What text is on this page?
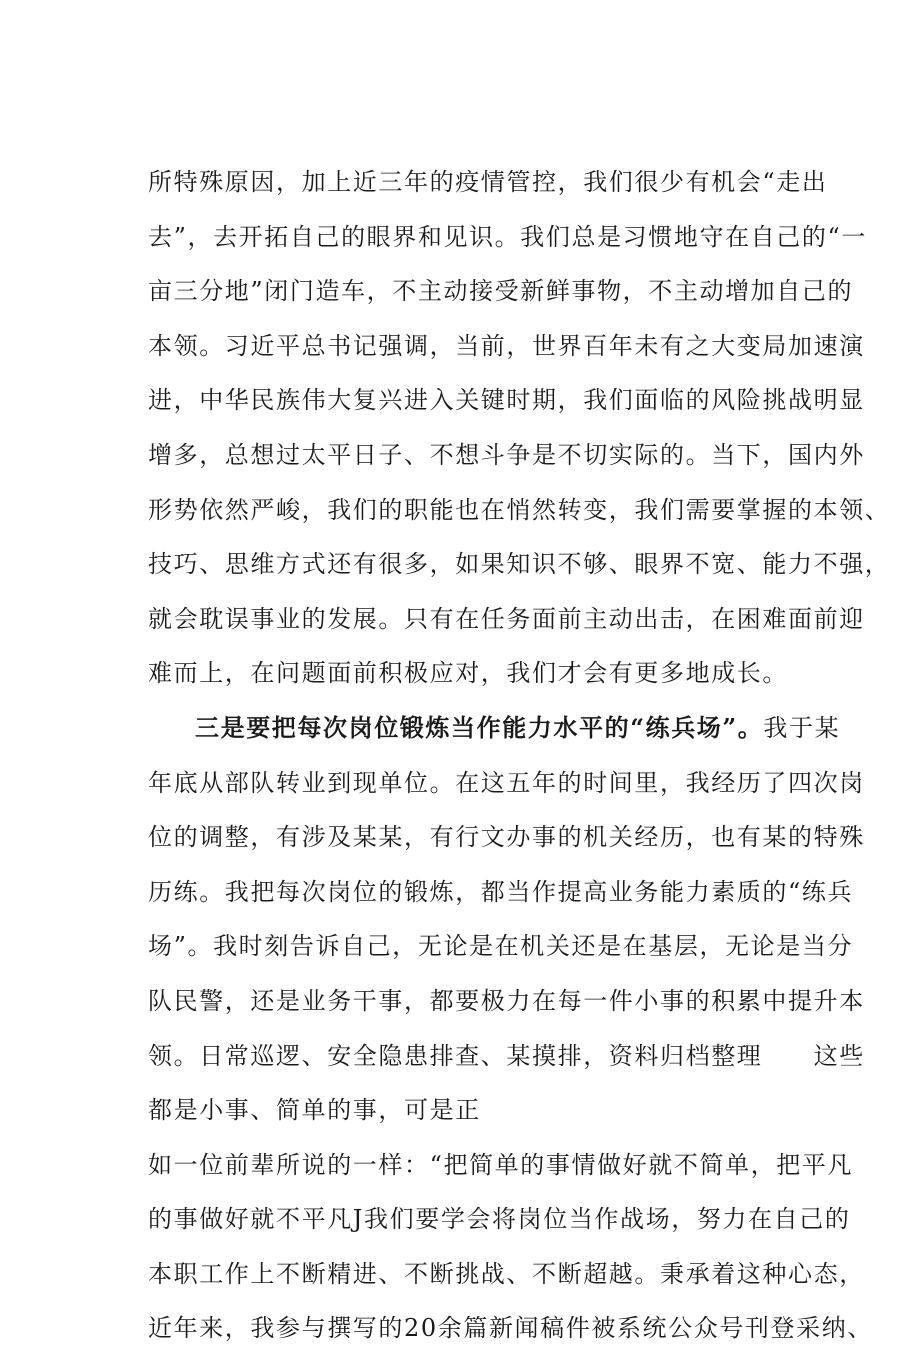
所特殊原因，加上近三年的疫情管控，我们很少有机会“走出
去”，去开拓自己的眼界和见识。我们总是习惯地守在自己的“一
亩三分地”闭门造车，不主动接受新鲜事物，不主动增加自己的
本领。习近平总书记强调，当前，世界百年未有之大变局加速演
进，中华民族伟大复兴进入关键时期，我们面临的风险挑战明显
增多，总想过太平日子、不想斗争是不切实际的。当下，国内外
形势依然严峻，我们的职能也在悄然转变，我们需要掌握的本领、
技巧、思维方式还有很多，如果知识不够、眼界不宽、能力不强，
就会耽误事业的发展。只有在任务面前主动出击，在困难面前迎
难而上，在问题面前积极应对，我们才会有更多地成长。
三是要把每次岗位锻炼当作能力水平的“练兵场”。我于某
年底从部队转业到现单位。在这五年的时间里，我经历了四次岗
位的调整，有涉及某某，有行文办事的机关经历，也有某的特殊
历练。我把每次岗位的锻炼，都当作提高业务能力素质的“练兵
场”。我时刻告诉自己，无论是在机关还是在基层，无论是当分
队民警，还是业务干事，都要极力在每一件小事的积累中提升本
领。日常巡逻、安全隐患排查、某摸排，资料归档整理　　这些
都是小事、简单的事，可是正
如一位前辈所说的一样：“把简单的事情做好就不简单，把平凡
的事做好就不平凡J我们要学会将岗位当作战场，努力在自己的
本职工作上不断精进、不断挑战、不断超越。秉承着这种心态，
近年来，我参与撰写的20余篇新闻稿件被系统公众号刊登采纳、
